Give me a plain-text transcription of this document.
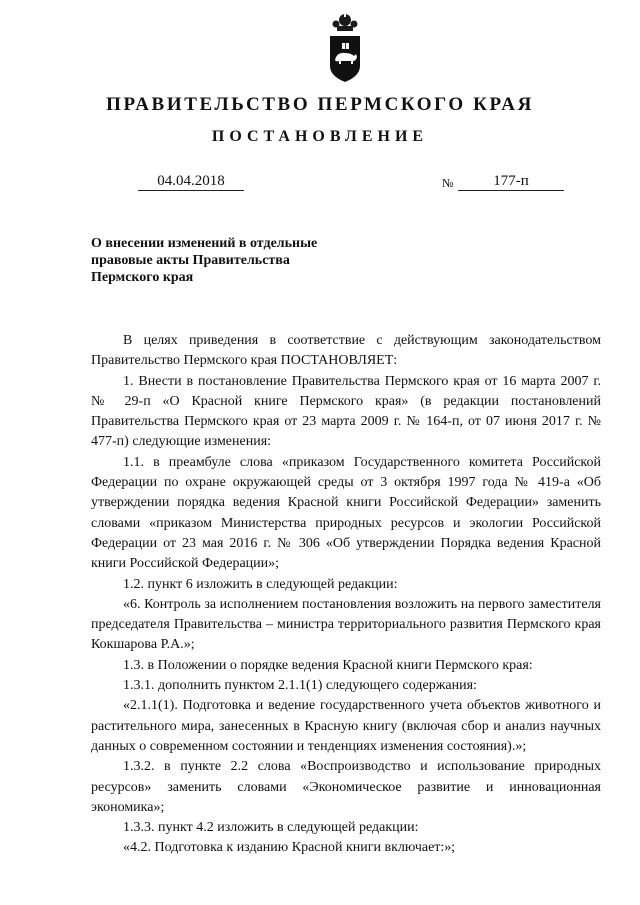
ПРАВИТЕЛЬСТВО ПЕРМСКОГО КРАЯ
ПОСТАНОВЛЕНИЕ
04.04.2018	№	177-п
О внесении изменений в отдельные
правовые акты Правительства
Пермского края

В целях приведения в соответствие с действующим законодательством Правительство Пермского края ПОСТАНОВЛЯЕТ:

1. Внести в постановление Правительства Пермского края от 16 марта 2007 г. № 29-п «О Красной книге Пермского края» (в редакции постановлений Правительства Пермского края от 23 марта 2009 г. № 164-п, от 07 июня 2017 г. № 477-п) следующие изменения:

1.1. в преамбуле слова «приказом Государственного комитета Российской Федерации по охране окружающей среды от 3 октября 1997 года № 419-а «Об утверждении порядка ведения Красной книги Российской Федерации» заменить словами «приказом Министерства природных ресурсов и экологии Российской Федерации от 23 мая 2016 г. № 306 «Об утверждении Порядка ведения Красной книги Российской Федерации»;

1.2. пункт 6 изложить в следующей редакции:

«6. Контроль за исполнением постановления возложить на первого заместителя председателя Правительства – министра территориального развития Пермского края Кокшарова Р.А.»;

1.3. в Положении о порядке ведения Красной книги Пермского края:

1.3.1. дополнить пунктом 2.1.1(1) следующего содержания:

«2.1.1(1). Подготовка и ведение государственного учета объектов животного и растительного мира, занесенных в Красную книгу (включая сбор и анализ научных данных о современном состоянии и тенденциях изменения состояния).»;

1.3.2. в пункте 2.2 слова «Воспроизводство и использование природных ресурсов» заменить словами «Экономическое развитие и инновационная экономика»;

1.3.3. пункт 4.2 изложить в следующей редакции:

«4.2. Подготовка к изданию Красной книги включает:»;
